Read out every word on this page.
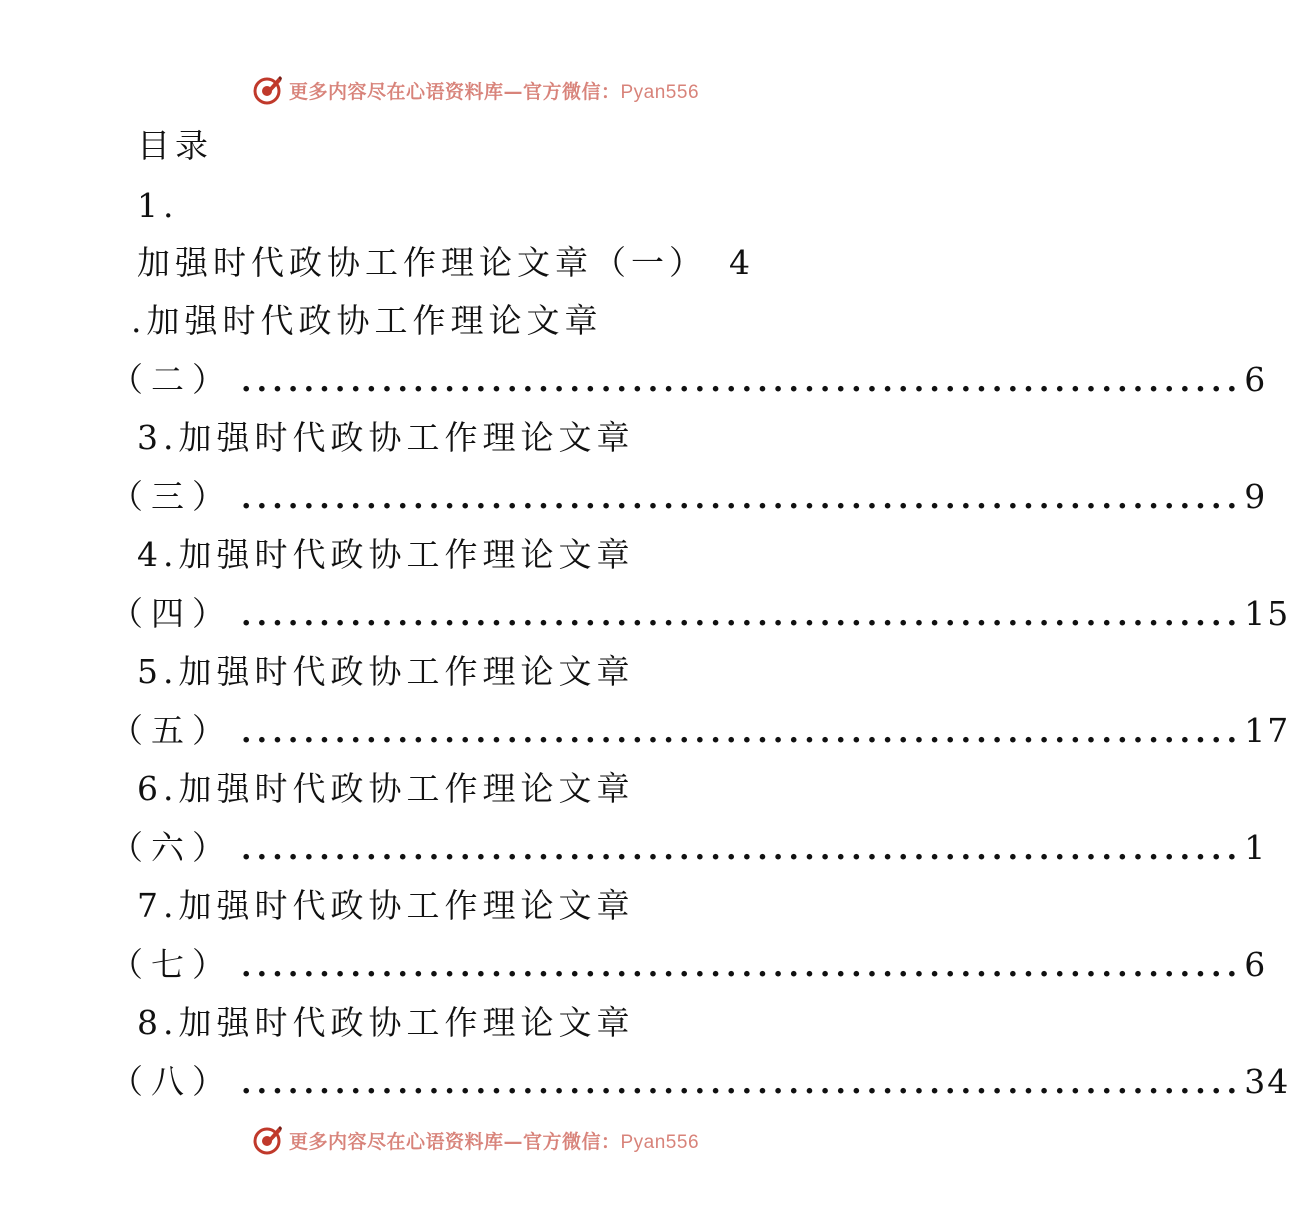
更多内容尽在心语资料库—官方微信：Pyan556
目录
1.
加强时代政协工作理论文章（一） 4
.加强时代政协工作理论文章
（二） ................................................................ 6
3.加强时代政协工作理论文章
（三） ................................................................ 9
4.加强时代政协工作理论文章
（四） ................................................................ 15
5.加强时代政协工作理论文章
（五） ................................................................ 17
6.加强时代政协工作理论文章
（六） ................................................................ 1
7.加强时代政协工作理论文章
（七） ................................................................ 6
8.加强时代政协工作理论文章
（八） ................................................................ 34
更多内容尽在心语资料库—官方微信：Pyan556
